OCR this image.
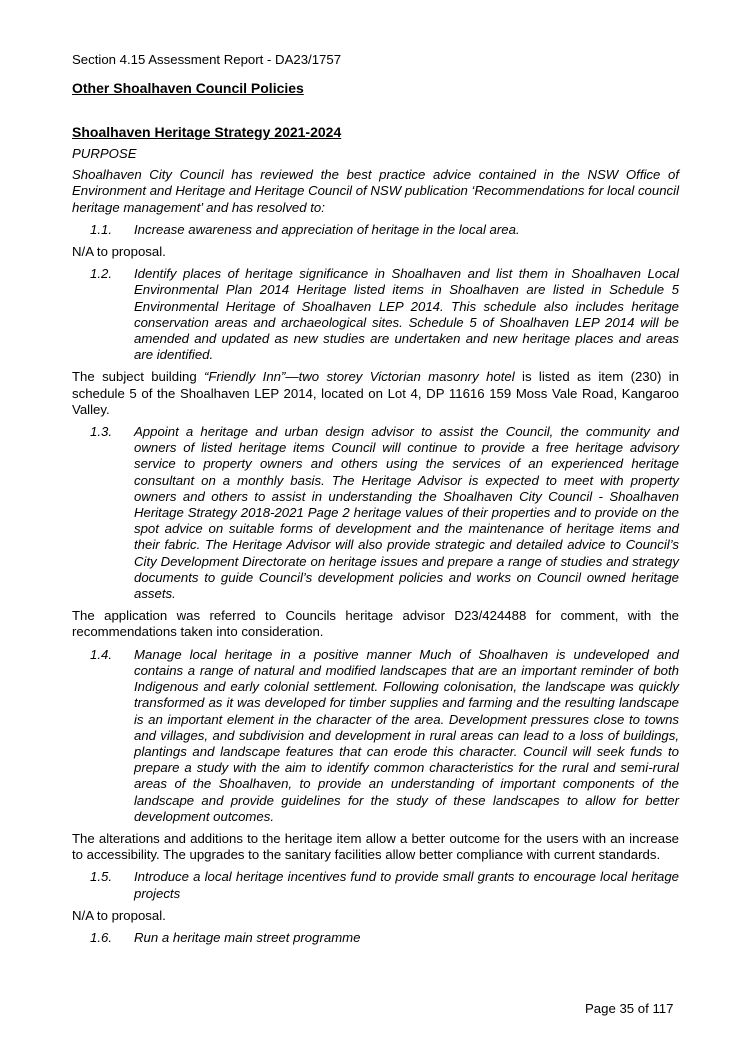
Section 4.15 Assessment Report - DA23/1757
Other Shoalhaven Council Policies
Shoalhaven Heritage Strategy 2021-2024

PURPOSE

Shoalhaven City Council has reviewed the best practice advice contained in the NSW Office of Environment and Heritage and Heritage Council of NSW publication ‘Recommendations for local council heritage management’ and has resolved to:

1.1.	Increase awareness and appreciation of heritage in the local area.

N/A to proposal.

1.2.	Identify places of heritage significance in Shoalhaven and list them in Shoalhaven Local Environmental Plan 2014 Heritage listed items in Shoalhaven are listed in Schedule 5 Environmental Heritage of Shoalhaven LEP 2014. This schedule also includes heritage conservation areas and archaeological sites. Schedule 5 of Shoalhaven LEP 2014 will be amended and updated as new studies are undertaken and new heritage places and areas are identified.

The subject building “Friendly Inn”—two storey Victorian masonry hotel is listed as item (230) in schedule 5 of the Shoalhaven LEP 2014, located on Lot 4, DP 11616 159 Moss Vale Road, Kangaroo Valley.

1.3.	Appoint a heritage and urban design advisor to assist the Council, the community and owners of listed heritage items Council will continue to provide a free heritage advisory service to property owners and others using the services of an experienced heritage consultant on a monthly basis. The Heritage Advisor is expected to meet with property owners and others to assist in understanding the Shoalhaven City Council - Shoalhaven Heritage Strategy 2018-2021 Page 2 heritage values of their properties and to provide on the spot advice on suitable forms of development and the maintenance of heritage items and their fabric. The Heritage Advisor will also provide strategic and detailed advice to Council’s City Development Directorate on heritage issues and prepare a range of studies and strategy documents to guide Council’s development policies and works on Council owned heritage assets.

The application was referred to Councils heritage advisor D23/424488 for comment, with the recommendations taken into consideration.

1.4.	Manage local heritage in a positive manner Much of Shoalhaven is undeveloped and contains a range of natural and modified landscapes that are an important reminder of both Indigenous and early colonial settlement. Following colonisation, the landscape was quickly transformed as it was developed for timber supplies and farming and the resulting landscape is an important element in the character of the area. Development pressures close to towns and villages, and subdivision and development in rural areas can lead to a loss of buildings, plantings and landscape features that can erode this character. Council will seek funds to prepare a study with the aim to identify common characteristics for the rural and semi-rural areas of the Shoalhaven, to provide an understanding of important components of the landscape and provide guidelines for the study of these landscapes to allow for better development outcomes.

The alterations and additions to the heritage item allow a better outcome for the users with an increase to accessibility. The upgrades to the sanitary facilities allow better compliance with current standards.

1.5.	Introduce a local heritage incentives fund to provide small grants to encourage local heritage projects

N/A to proposal.

1.6.	Run a heritage main street programme
Page 35 of 117
